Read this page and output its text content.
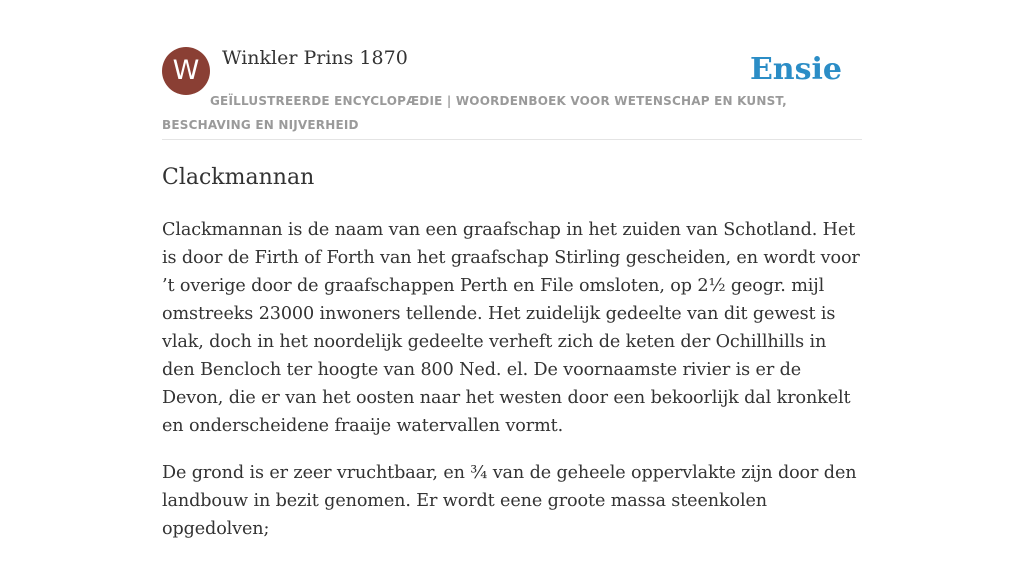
W	Winkler Prins 1870	Ensie
GEÏLLUSTREERDE ENCYCLOPÆDIE | WOORDENBOEK VOOR WETENSCHAP EN KUNST, BESCHAVING EN NIJVERHEID
Clackmannan

Clackmannan is de naam van een graafschap in het zuiden van Schotland. Het is door de Firth of Forth van het graafschap Stirling gescheiden, en wordt voor ’t overige door de graafschappen Perth en File omsloten, op 2½ geogr. mijl omstreeks 23000 inwoners tellende. Het zuidelijk gedeelte van dit gewest is vlak, doch in het noordelijk gedeelte verheft zich de keten der Ochillhills in den Bencloch ter hoogte van 800 Ned. el. De voornaamste rivier is er de Devon, die er van het oosten naar het westen door een bekoorlijk dal kronkelt en onderscheidene fraaije watervallen vormt.

De grond is er zeer vruchtbaar, en ¾ van de geheele oppervlakte zijn door den landbouw in bezit genomen. Er wordt eene groote massa steenkolen opgedolven;
